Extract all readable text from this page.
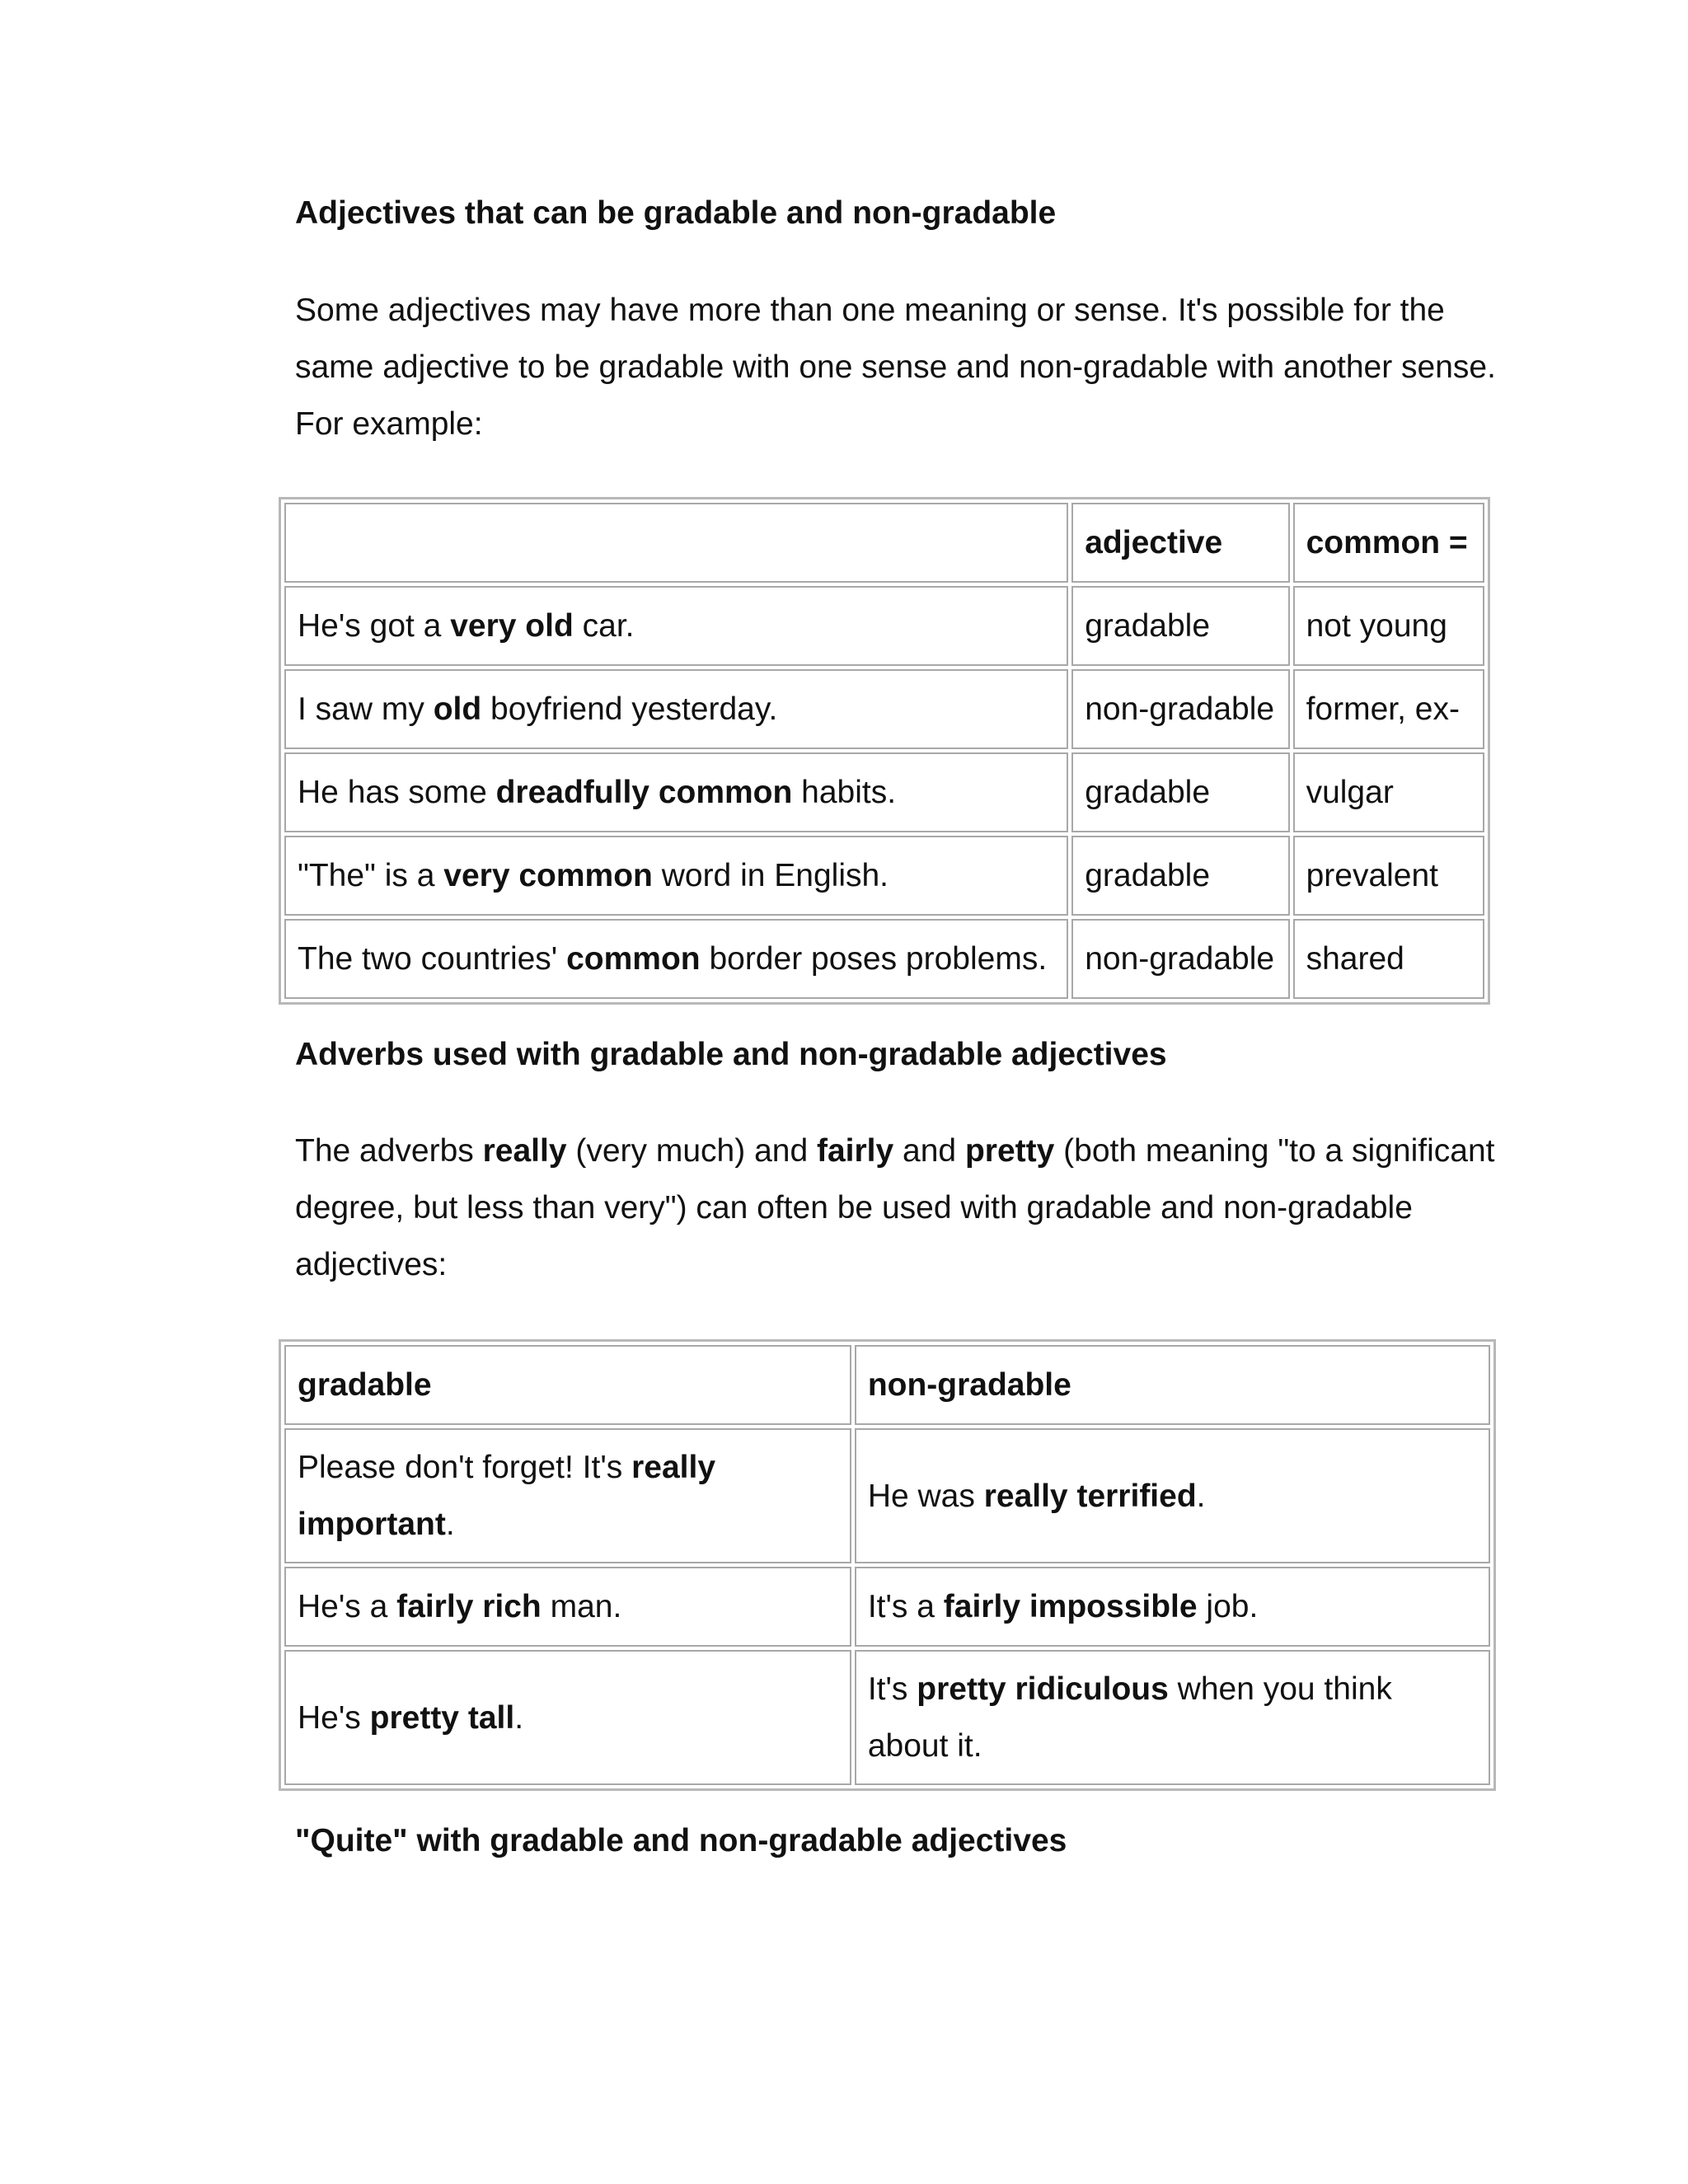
Adjectives that can be gradable and non-gradable

Some adjectives may have more than one meaning or sense. It's possible for the same adjective to be gradable with one sense and non-gradable with another sense. For example:

	adjective	common =
He's got a very old car.	gradable	not young
I saw my old boyfriend yesterday.	non-gradable	former, ex-
He has some dreadfully common habits.	gradable	vulgar
"The" is a very common word in English.	gradable	prevalent
The two countries' common border poses problems.	non-gradable	shared
Adverbs used with gradable and non-gradable adjectives

The adverbs really (very much) and fairly and pretty (both meaning "to a significant degree, but less than very") can often be used with gradable and non-gradable adjectives:

gradable	non-gradable
Please don't forget! It's really important.	He was really terrified.
He's a fairly rich man.	It's a fairly impossible job.
He's pretty tall.	It's pretty ridiculous when you think about it.
"Quite" with gradable and non-gradable adjectives
